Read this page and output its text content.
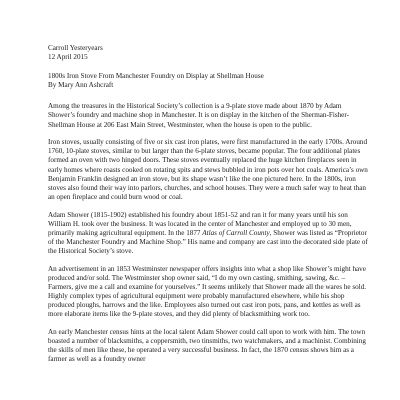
Carroll Yesteryears
12 April 2015
1800s Iron Stove From Manchester Foundry on Display at Shellman House
By Mary Ann Ashcraft

Among the treasures in the Historical Society’s collection is a 9-plate stove made about 1870 by Adam Shower’s foundry and machine shop in Manchester. It is on display in the kitchen of the Sherman-Fisher-Shellman House at 206 East Main Street, Westminster, when the house is open to the public.

Iron stoves, usually consisting of five or six cast iron plates, were first manufactured in the early 1700s. Around 1760, 10-plate stoves, similar to but larger than the 6-plate stoves, became popular. The four additional plates formed an oven with two hinged doors. These stoves eventually replaced the huge kitchen fireplaces seen in early homes where roasts cooked on rotating spits and stews bubbled in iron pots over hot coals. America’s own Benjamin Franklin designed an iron stove, but its shape wasn’t like the one pictured here. In the 1800s, iron stoves also found their way into parlors, churches, and school houses. They were a much safer way to heat than an open fireplace and could burn wood or coal.

Adam Shower (1815-1902) established his foundry about 1851-52 and ran it for many years until his son William H. took over the business. It was located in the center of Manchester and employed up to 30 men, primarily making agricultural equipment. In the 1877 Atlas of Carroll County, Shower was listed as “Proprietor of the Manchester Foundry and Machine Shop.” His name and company are cast into the decorated side plate of the Historical Society’s stove.

An advertisement in an 1853 Westminster newspaper offers insights into what a shop like Shower’s might have produced and/or sold. The Westminster shop owner said, “I do my own casting, smithing, sawing, &c. – Farmers, give me a call and examine for yourselves.” It seems unlikely that Shower made all the wares he sold. Highly complex types of agricultural equipment were probably manufactured elsewhere, while his shop produced ploughs, harrows and the like. Employees also turned out cast iron pots, pans, and kettles as well as more elaborate items like the 9-plate stoves, and they did plenty of blacksmithing work too.

An early Manchester census hints at the local talent Adam Shower could call upon to work with him. The town boasted a number of blacksmiths, a coppersmith, two tinsmiths, two watchmakers, and a machinist. Combining the skills of men like these, he operated a very successful business. In fact, the 1870 census shows him as a farmer as well as a foundry owner
